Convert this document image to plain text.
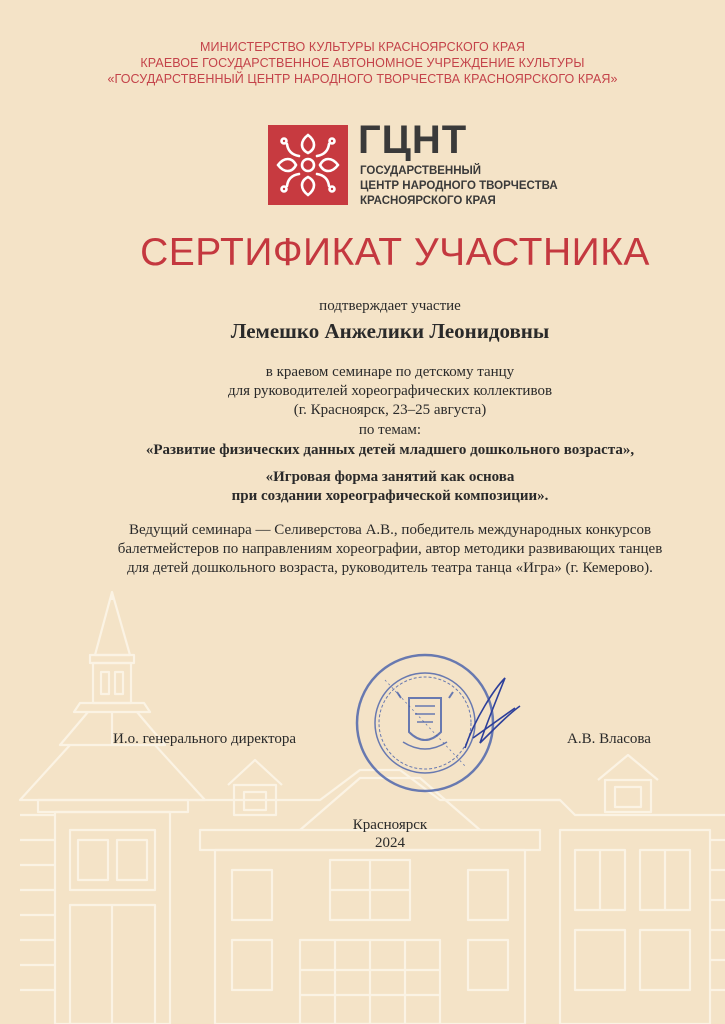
МИНИСТЕРСТВО КУЛЬТУРЫ КРАСНОЯРСКОГО КРАЯ
КРАЕВОЕ ГОСУДАРСТВЕННОЕ АВТОНОМНОЕ УЧРЕЖДЕНИЕ КУЛЬТУРЫ
«ГОСУДАРСТВЕННЫЙ ЦЕНТР НАРОДНОГО ТВОРЧЕСТВА КРАСНОЯРСКОГО КРАЯ»
ГЦНТ
ГОСУДАРСТВЕННЫЙ
ЦЕНТР НАРОДНОГО ТВОРЧЕСТВА
КРАСНОЯРСКОГО КРАЯ
СЕРТИФИКАТ УЧАСТНИКА
подтверждает участие
Лемешко Анжелики Леонидовны
в краевом семинаре по детскому танцу
для руководителей хореографических коллективов
(г. Красноярск, 23–25 августа)
по темам:
«Развитие физических данных детей младшего дошкольного возраста»,
«Игровая форма занятий как основа
при создании хореографической композиции».
Ведущий семинара — Селиверстова А.В., победитель международных конкурсов
балетмейстеров по направлениям хореографии, автор методики развивающих танцев
для детей дошкольного возраста, руководитель театра танца «Игра» (г. Кемерово).
И.о. генерального директора	А.В. Власова
Красноярск
2024
